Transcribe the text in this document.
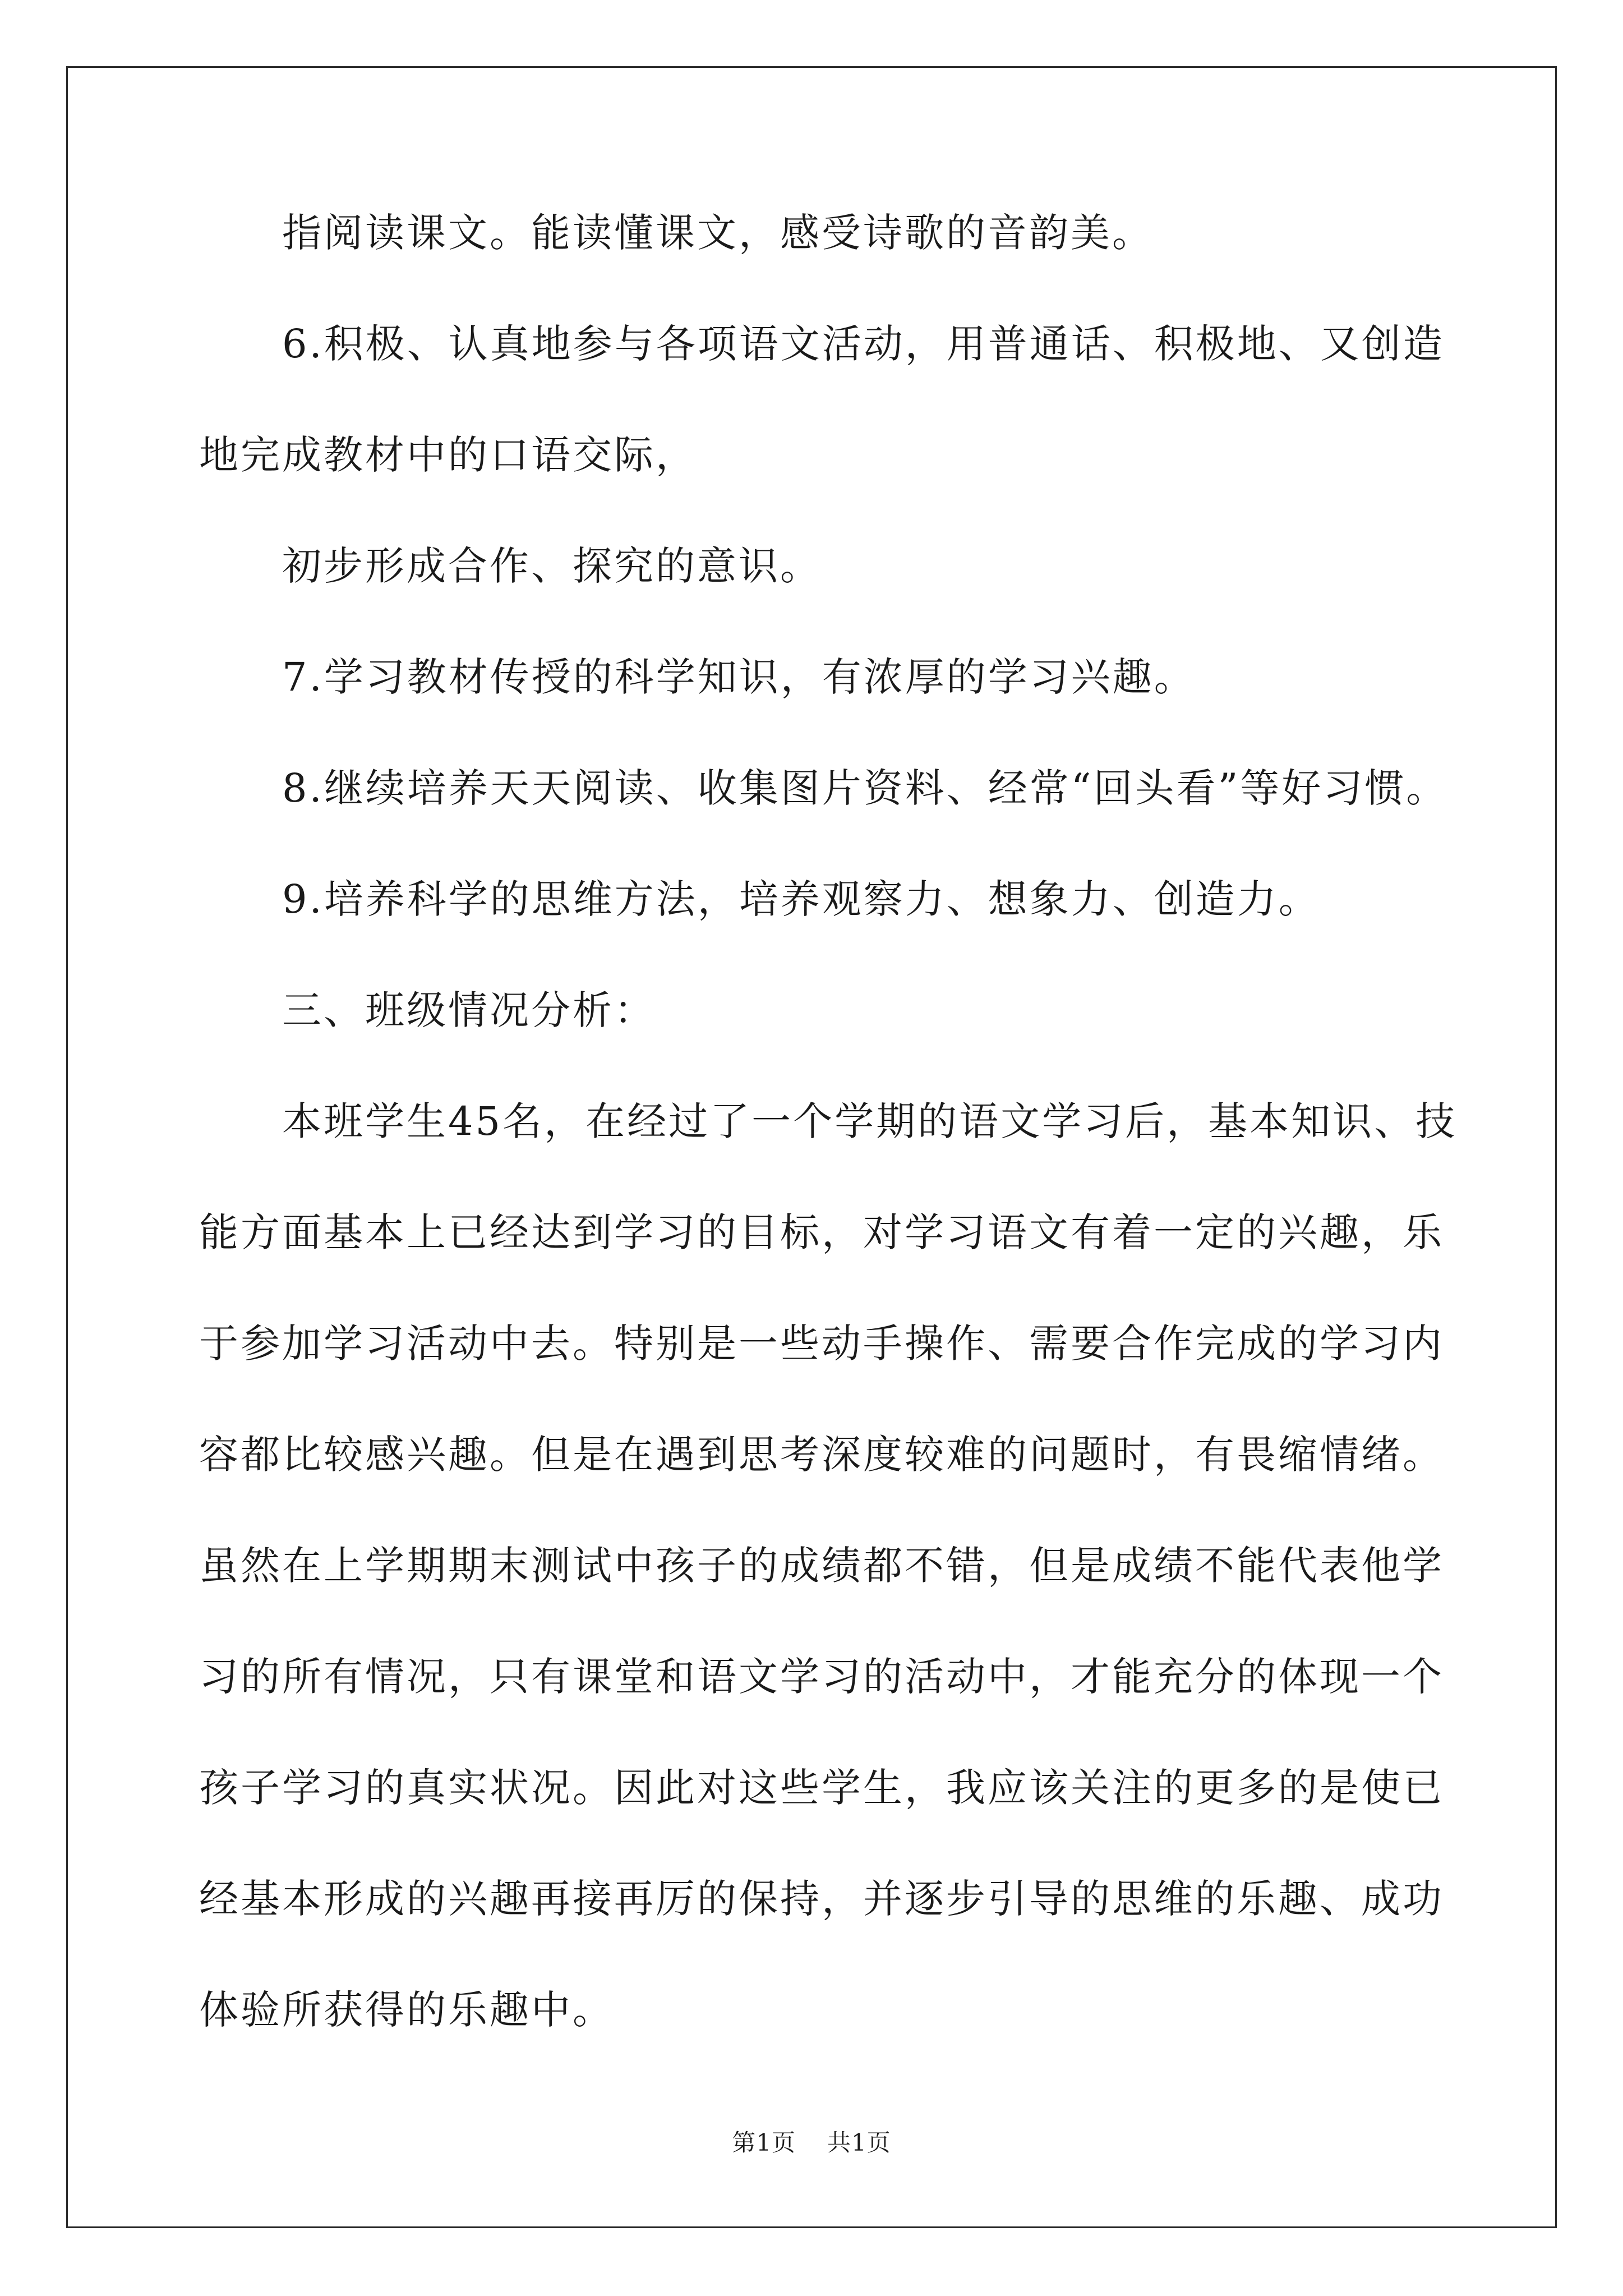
指阅读课文。能读懂课文，感受诗歌的音韵美。
6.积极、认真地参与各项语文活动，用普通话、积极地、又创造
地完成教材中的口语交际，
初步形成合作、探究的意识。
7.学习教材传授的科学知识，有浓厚的学习兴趣。
8.继续培养天天阅读、收集图片资料、经常“回头看”等好习惯。
9.培养科学的思维方法，培养观察力、想象力、创造力。
三、班级情况分析：
本班学生45名，在经过了一个学期的语文学习后，基本知识、技
能方面基本上已经达到学习的目标，对学习语文有着一定的兴趣，乐
于参加学习活动中去。特别是一些动手操作、需要合作完成的学习内
容都比较感兴趣。但是在遇到思考深度较难的问题时，有畏缩情绪。
虽然在上学期期末测试中孩子的成绩都不错，但是成绩不能代表他学
习的所有情况，只有课堂和语文学习的活动中，才能充分的体现一个
孩子学习的真实状况。因此对这些学生，我应该关注的更多的是使已
经基本形成的兴趣再接再厉的保持，并逐步引导的思维的乐趣、成功
体验所获得的乐趣中。
第1页 共1页
